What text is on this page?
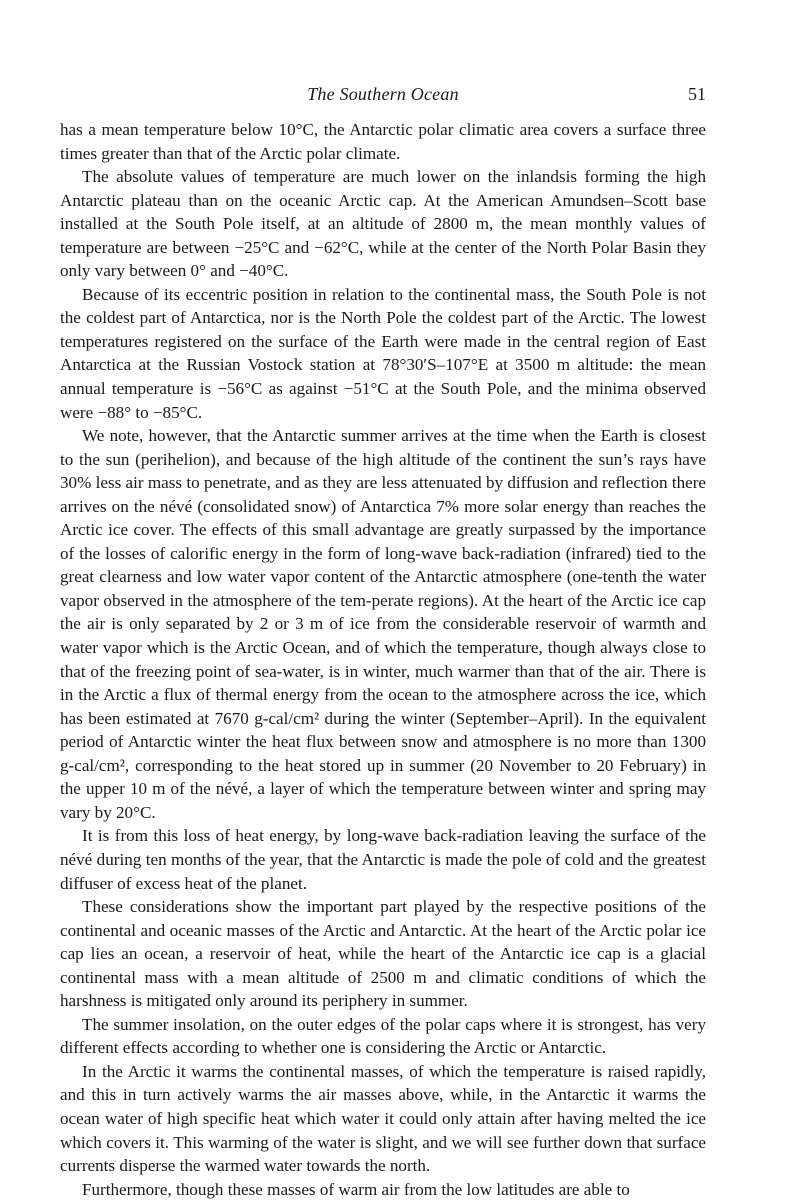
The Southern Ocean	51

has a mean temperature below 10°C, the Antarctic polar climatic area covers a surface three times greater than that of the Arctic polar climate.

The absolute values of temperature are much lower on the inlandsis forming the high Antarctic plateau than on the oceanic Arctic cap. At the American Amundsen–Scott base installed at the South Pole itself, at an altitude of 2800 m, the mean monthly values of temperature are between −25°C and −62°C, while at the center of the North Polar Basin they only vary between 0° and −40°C.

Because of its eccentric position in relation to the continental mass, the South Pole is not the coldest part of Antarctica, nor is the North Pole the coldest part of the Arctic. The lowest temperatures registered on the surface of the Earth were made in the central region of East Antarctica at the Russian Vostock station at 78°30′S–107°E at 3500 m altitude: the mean annual temperature is −56°C as against −51°C at the South Pole, and the minima observed were −88° to −85°C.

We note, however, that the Antarctic summer arrives at the time when the Earth is closest to the sun (perihelion), and because of the high altitude of the continent the sun’s rays have 30% less air mass to penetrate, and as they are less attenuated by diffusion and reflection there arrives on the névé (consolidated snow) of Antarctica 7% more solar energy than reaches the Arctic ice cover. The effects of this small advantage are greatly surpassed by the importance of the losses of calorific energy in the form of long-wave back-radiation (infrared) tied to the great clearness and low water vapor content of the Antarctic atmosphere (one-tenth the water vapor observed in the atmosphere of the tem-perate regions). At the heart of the Arctic ice cap the air is only separated by 2 or 3 m of ice from the considerable reservoir of warmth and water vapor which is the Arctic Ocean, and of which the temperature, though always close to that of the freezing point of sea-water, is in winter, much warmer than that of the air. There is in the Arctic a flux of thermal energy from the ocean to the atmosphere across the ice, which has been estimated at 7670 g-cal/cm² during the winter (September–April). In the equivalent period of Antarctic winter the heat flux between snow and atmosphere is no more than 1300 g-cal/cm², corresponding to the heat stored up in summer (20 November to 20 February) in the upper 10 m of the névé, a layer of which the temperature between winter and spring may vary by 20°C.

It is from this loss of heat energy, by long-wave back-radiation leaving the surface of the névé during ten months of the year, that the Antarctic is made the pole of cold and the greatest diffuser of excess heat of the planet.

These considerations show the important part played by the respective positions of the continental and oceanic masses of the Arctic and Antarctic. At the heart of the Arctic polar ice cap lies an ocean, a reservoir of heat, while the heart of the Antarctic ice cap is a glacial continental mass with a mean altitude of 2500 m and climatic conditions of which the harshness is mitigated only around its periphery in summer.

The summer insolation, on the outer edges of the polar caps where it is strongest, has very different effects according to whether one is considering the Arctic or Antarctic.

In the Arctic it warms the continental masses, of which the temperature is raised rapidly, and this in turn actively warms the air masses above, while, in the Antarctic it warms the ocean water of high specific heat which water it could only attain after having melted the ice which covers it. This warming of the water is slight, and we will see further down that surface currents disperse the warmed water towards the north.

Furthermore, though these masses of warm air from the low latitudes are able to
